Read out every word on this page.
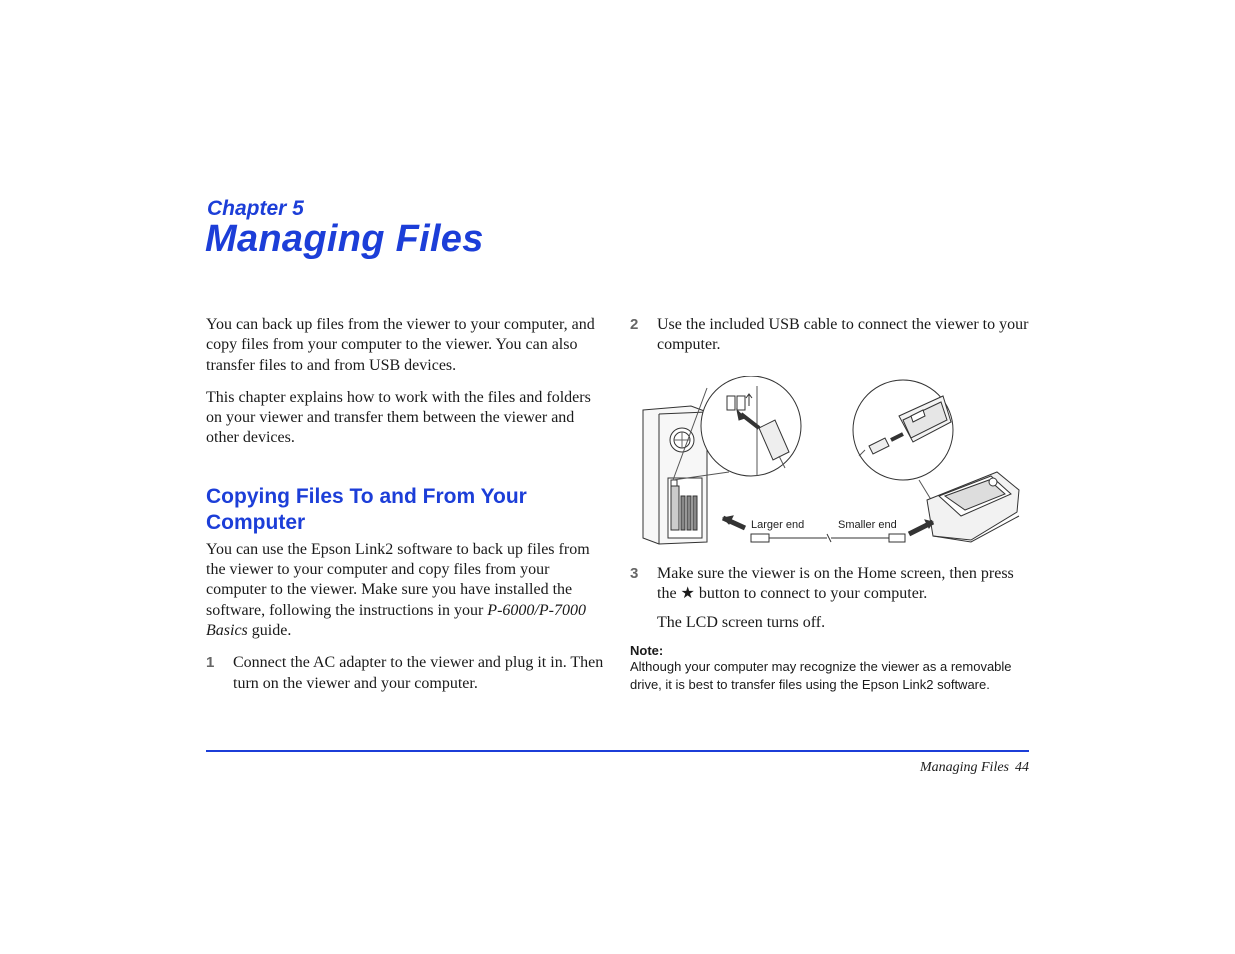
Chapter 5
Managing Files

You can back up files from the viewer to your computer, and copy files from your computer to the viewer. You can also transfer files to and from USB devices.

This chapter explains how to work with the files and folders on your viewer and transfer them between the viewer and other devices.

Copying Files To and From Your Computer

You can use the Epson Link2 software to back up files from the viewer to your computer and copy files from your computer to the viewer. Make sure you have installed the software, following the instructions in your P-6000/P-7000 Basics guide.

1 Connect the AC adapter to the viewer and plug it in. Then turn on the viewer and your computer.

2 Use the included USB cable to connect the viewer to your computer.

3 Make sure the viewer is on the Home screen, then press the ★ button to connect to your computer.

The LCD screen turns off.

Note:

Although your computer may recognize the viewer as a removable drive, it is best to transfer files using the Epson Link2 software.

Larger end	Smaller end
Managing Files 44
